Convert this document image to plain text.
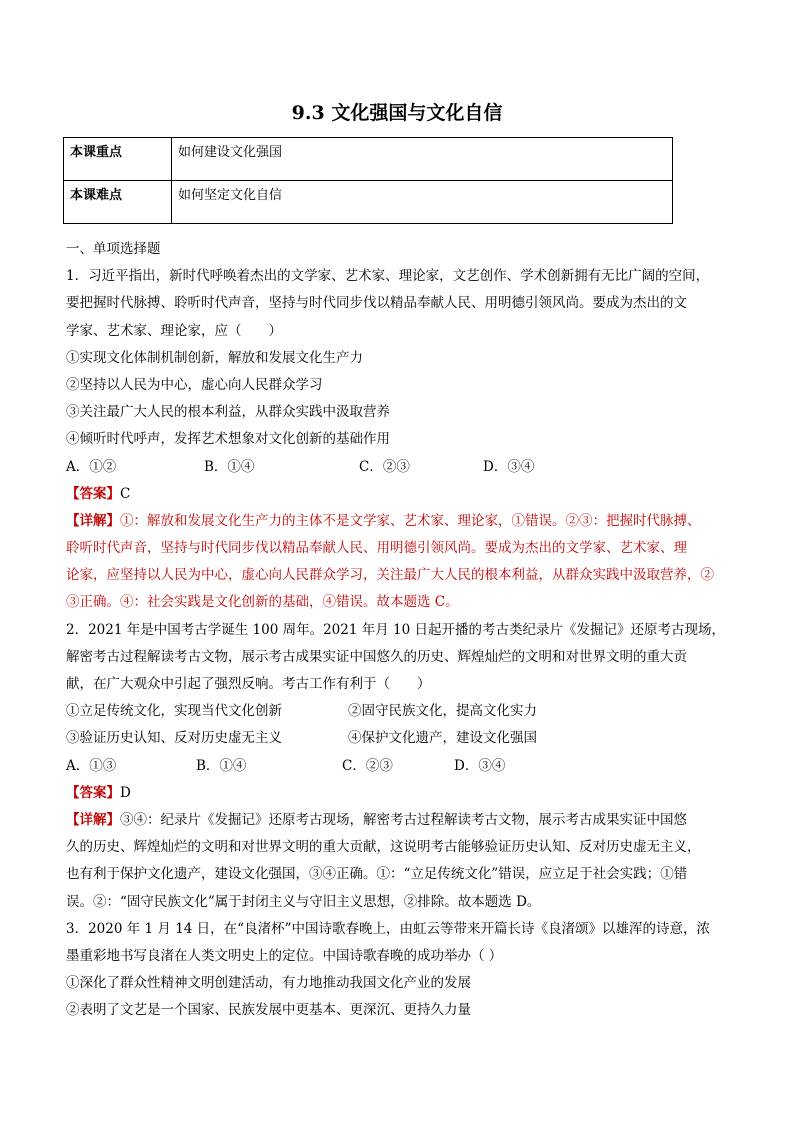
9.3 文化强国与文化自信
本课重点	如何建设文化强国
本课难点	如何坚定文化自信
一、单项选择题
1．习近平指出，新时代呼唤着杰出的文学家、艺术家、理论家，文艺创作、学术创新拥有无比广阔的空间，
要把握时代脉搏、聆听时代声音，坚持与时代同步伐以精品奉献人民、用明德引领风尚。要成为杰出的文
学家、艺术家、理论家，应（　　）
①实现文化体制机制创新，解放和发展文化生产力
②坚持以人民为中心，虚心向人民群众学习
③关注最广大人民的根本利益，从群众实践中汲取营养
④倾听时代呼声，发挥艺术想象对文化创新的基础作用
A．①②	B．①④	C．②③	D．③④
【答案】C
【详解】①：解放和发展文化生产力的主体不是文学家、艺术家、理论家，①错误。②③：把握时代脉搏、
聆听时代声音，坚持与时代同步伐以精品奉献人民、用明德引领风尚。要成为杰出的文学家、艺术家、理
论家，应坚持以人民为中心，虚心向人民群众学习，关注最广大人民的根本利益，从群众实践中汲取营养，②
③正确。④：社会实践是文化创新的基础，④错误。故本题选 C。
2．2021 年是中国考古学诞生 100 周年。2021 年月 10 日起开播的考古类纪录片《发掘记》还原考古现场，
解密考古过程解读考古文物，展示考古成果实证中国悠久的历史、辉煌灿烂的文明和对世界文明的重大贡
献，在广大观众中引起了强烈反响。考古工作有利于（　　）
①立足传统文化，实现当代文化创新	②固守民族文化，提高文化实力
③验证历史认知、反对历史虚无主义	④保护文化遗产，建设文化强国
A．①③	B．①④	C．②③	D．③④
【答案】D
【详解】③④：纪录片《发掘记》还原考古现场，解密考古过程解读考古文物，展示考古成果实证中国悠
久的历史、辉煌灿烂的文明和对世界文明的重大贡献，这说明考古能够验证历史认知、反对历史虚无主义，
也有利于保护文化遗产，建设文化强国，③④正确。①：“立足传统文化”错误，应立足于社会实践；①错
误。②：“固守民族文化”属于封闭主义与守旧主义思想，②排除。故本题选 D。
3．2020 年 1 月 14 日，在“良渚杯”中国诗歌春晚上，由虹云等带来开篇长诗《良渚颂》以雄浑的诗意，浓
墨重彩地书写良渚在人类文明史上的定位。中国诗歌春晚的成功举办（ ）
①深化了群众性精神文明创建活动，有力地推动我国文化产业的发展
②表明了文艺是一个国家、民族发展中更基本、更深沉、更持久力量
